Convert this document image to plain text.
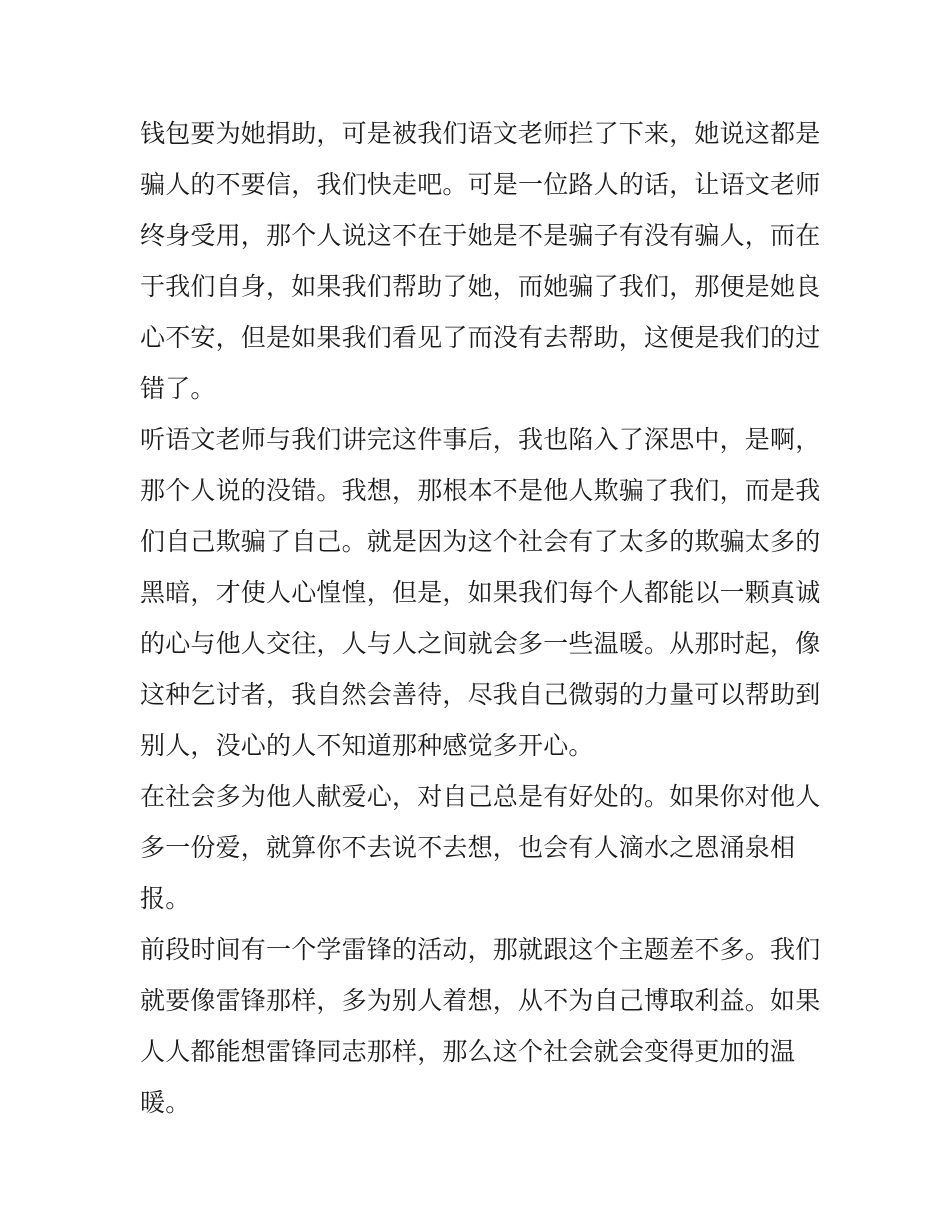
钱包要为她捐助，可是被我们语文老师拦了下来，她说这都是
骗人的不要信，我们快走吧。可是一位路人的话，让语文老师
终身受用，那个人说这不在于她是不是骗子有没有骗人，而在
于我们自身，如果我们帮助了她，而她骗了我们，那便是她良
心不安，但是如果我们看见了而没有去帮助，这便是我们的过
错了。
听语文老师与我们讲完这件事后，我也陷入了深思中，是啊，
那个人说的没错。我想，那根本不是他人欺骗了我们，而是我
们自己欺骗了自己。就是因为这个社会有了太多的欺骗太多的
黑暗，才使人心惶惶，但是，如果我们每个人都能以一颗真诚
的心与他人交往，人与人之间就会多一些温暖。从那时起，像
这种乞讨者，我自然会善待，尽我自己微弱的力量可以帮助到
别人，没心的人不知道那种感觉多开心。
在社会多为他人献爱心，对自己总是有好处的。如果你对他人
多一份爱，就算你不去说不去想，也会有人滴水之恩涌泉相
报。
前段时间有一个学雷锋的活动，那就跟这个主题差不多。我们
就要像雷锋那样，多为别人着想，从不为自己博取利益。如果
人人都能想雷锋同志那样，那么这个社会就会变得更加的温
暖。
